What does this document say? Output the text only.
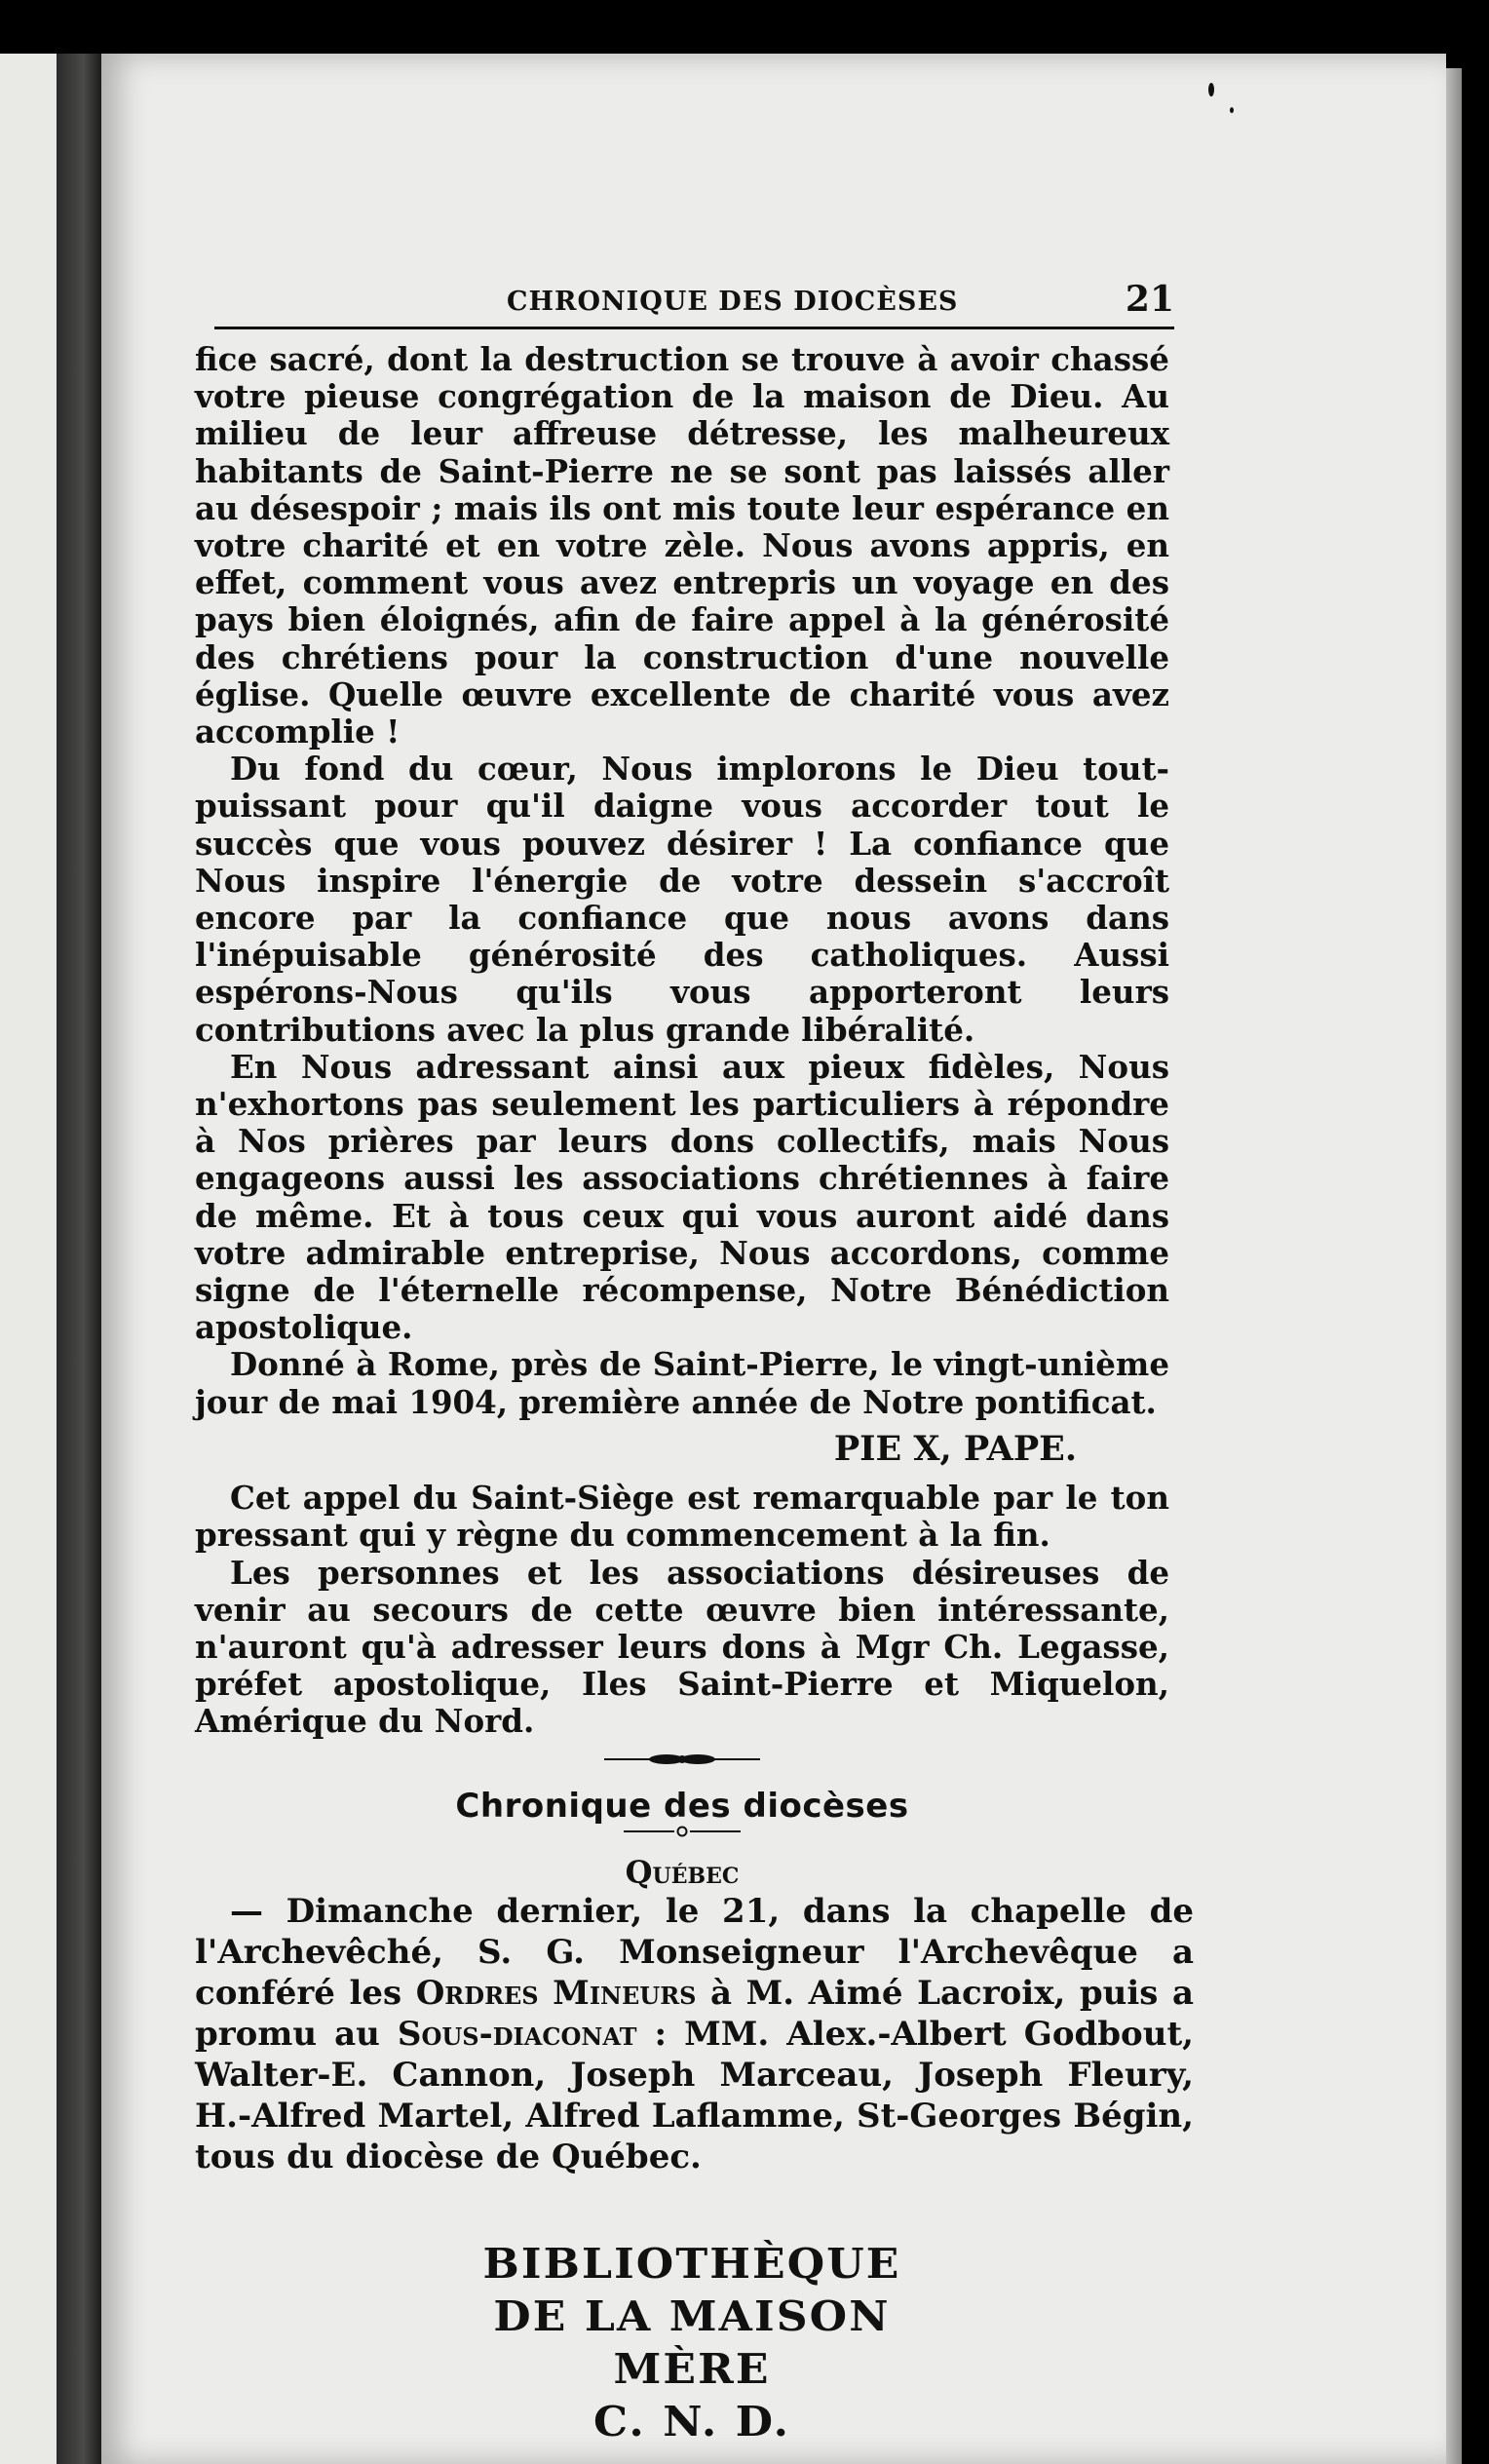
CHRONIQUE DES DIOCÈSES	21

fice sacré, dont la destruction se trouve à avoir chassé votre pieuse congrégation de la maison de Dieu. Au milieu de leur affreuse détresse, les malheureux habitants de Saint-Pierre ne se sont pas laissés aller au désespoir ; mais ils ont mis toute leur espérance en votre charité et en votre zèle. Nous avons appris, en effet, comment vous avez entrepris un voyage en des pays bien éloignés, afin de faire appel à la générosité des chrétiens pour la construction d'une nouvelle église. Quelle œuvre excellente de charité vous avez accomplie !

Du fond du cœur, Nous implorons le Dieu tout-puissant pour qu'il daigne vous accorder tout le succès que vous pouvez désirer ! La confiance que Nous inspire l'énergie de votre dessein s'accroît encore par la confiance que nous avons dans l'inépuisable générosité des catholiques. Aussi espérons-Nous qu'ils vous apporteront leurs contributions avec la plus grande libéralité.

En Nous adressant ainsi aux pieux fidèles, Nous n'exhortons pas seulement les particuliers à répondre à Nos prières par leurs dons collectifs, mais Nous engageons aussi les associations chrétiennes à faire de même. Et à tous ceux qui vous auront aidé dans votre admirable entreprise, Nous accordons, comme signe de l'éternelle récompense, Notre Bénédiction apostolique.

Donné à Rome, près de Saint-Pierre, le vingt-unième jour de mai 1904, première année de Notre pontificat.

PIE X, PAPE.

Cet appel du Saint-Siège est remarquable par le ton pressant qui y règne du commencement à la fin.

Les personnes et les associations désireuses de venir au secours de cette œuvre bien intéressante, n'auront qu'à adresser leurs dons à Mgr Ch. Legasse, préfet apostolique, Iles Saint-Pierre et Miquelon, Amérique du Nord.

Chronique des diocèses

Québec

— Dimanche dernier, le 21, dans la chapelle de l'Archevêché, S. G. Monseigneur l'Archevêque a conféré les Ordres Mineurs à M. Aimé Lacroix, puis a promu au Sous-diaconat : MM. Alex.-Albert Godbout, Walter-E. Cannon, Joseph Marceau, Joseph Fleury, H.-Alfred Martel, Alfred Laflamme, St-Georges Bégin, tous du diocèse de Québec.

BIBLIOTHÈQUE
DE LA MAISON MÈRE
C. N. D.
